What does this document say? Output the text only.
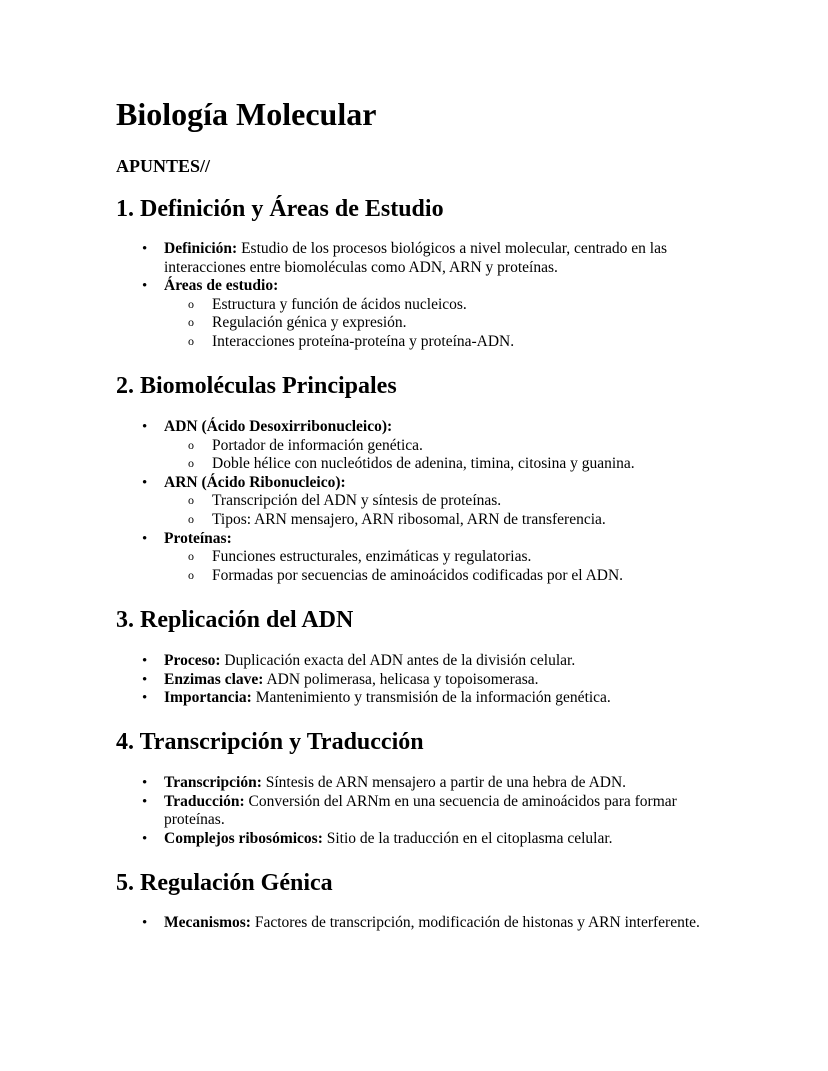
Biología Molecular

APUNTES//

1. Definición y Áreas de Estudio
• Definición: Estudio de los procesos biológicos a nivel molecular, centrado en las interacciones entre biomoléculas como ADN, ARN y proteínas.
• Áreas de estudio:
o Estructura y función de ácidos nucleicos.
o Regulación génica y expresión.
o Interacciones proteína-proteína y proteína-ADN.
2. Biomoléculas Principales
• ADN (Ácido Desoxirribonucleico):
o Portador de información genética.
o Doble hélice con nucleótidos de adenina, timina, citosina y guanina.
• ARN (Ácido Ribonucleico):
o Transcripción del ADN y síntesis de proteínas.
o Tipos: ARN mensajero, ARN ribosomal, ARN de transferencia.
• Proteínas:
o Funciones estructurales, enzimáticas y regulatorias.
o Formadas por secuencias de aminoácidos codificadas por el ADN.
3. Replicación del ADN
• Proceso: Duplicación exacta del ADN antes de la división celular.
• Enzimas clave: ADN polimerasa, helicasa y topoisomerasa.
• Importancia: Mantenimiento y transmisión de la información genética.
4. Transcripción y Traducción
• Transcripción: Síntesis de ARN mensajero a partir de una hebra de ADN.
• Traducción: Conversión del ARNm en una secuencia de aminoácidos para formar proteínas.
• Complejos ribosómicos: Sitio de la traducción en el citoplasma celular.
5. Regulación Génica
• Mecanismos: Factores de transcripción, modificación de histonas y ARN interferente.
